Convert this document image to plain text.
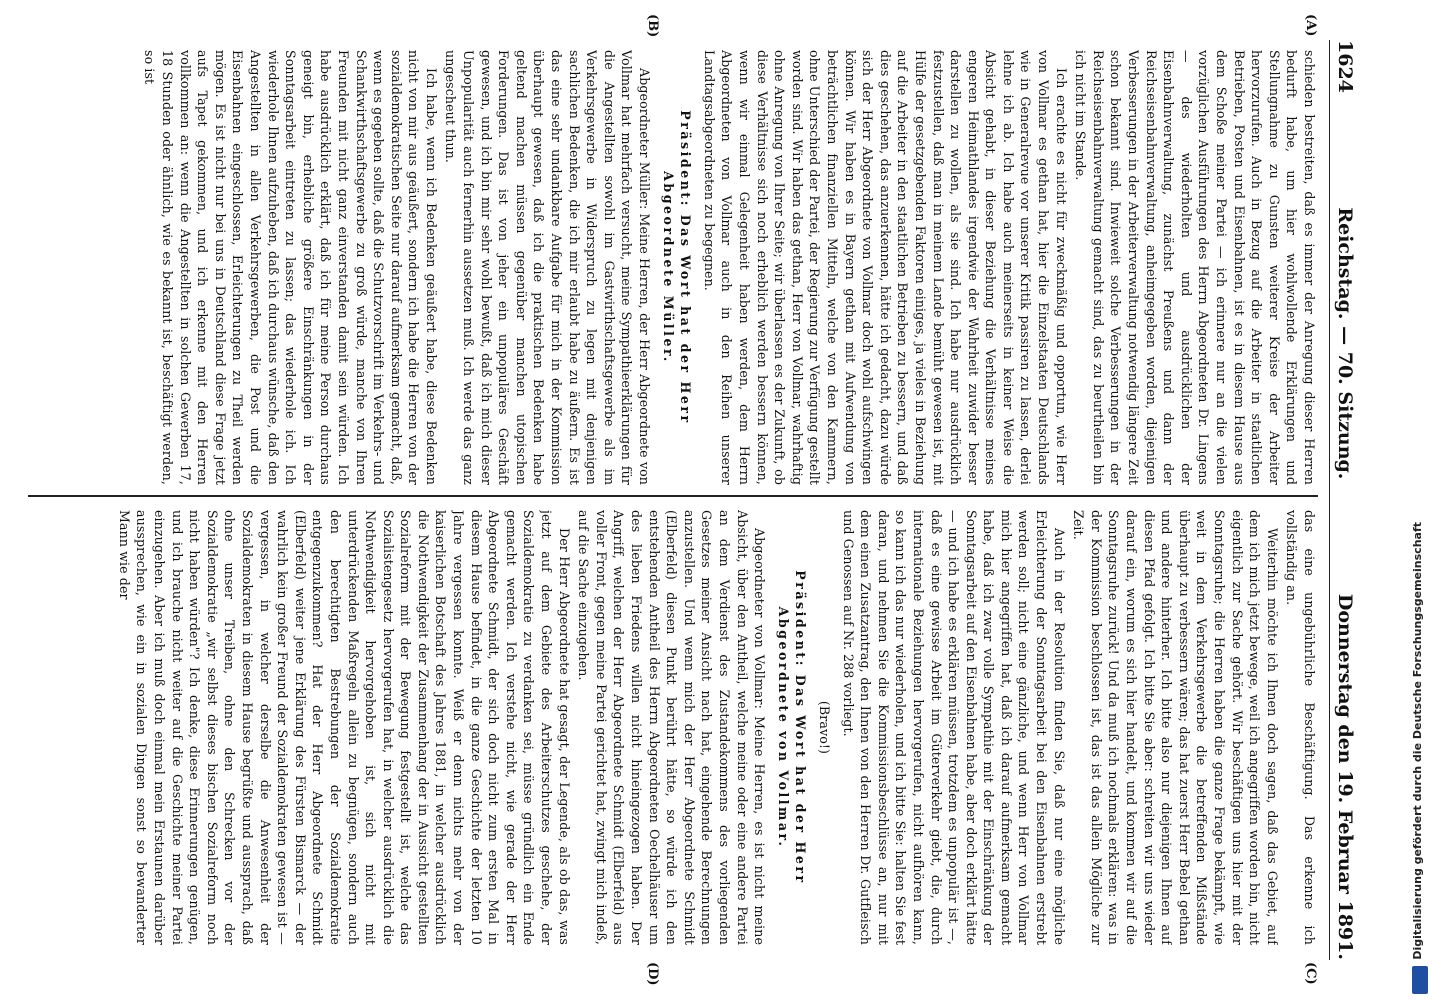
1624
Reichstag. — 70. Sitzung.
Donnerstag den 19. Februar 1891.
(A)
(B)
(C)
(D)

schieden bestreiten, daß es immer der Anregung dieser Herren bedurft habe, um hier wohlwollende Erklärungen und Stellungnahme zu Gunsten weiterer Kreise der Arbeiter hervorzurufen. Auch in Bezug auf die Arbeiter in staatlichen Betrieben, Posten und Eisenbahnen, ist es in diesem Hause aus dem Schoße meiner Partei — ich erinnere nur an die vielen vorzüglichen Ausführungen des Herrn Abgeordneten Dr. Lingens — des wiederholten und ausdrücklichen der Eisenbahnverwaltung, zunächst Preußens und dann der Reichseisenbahnverwaltung, anheimgegeben worden, diejenigen Verbesserungen in der Arbeiterverwaltung notwendig längere Zeit schon bekannt sind. Inwieweit solche Verbesserungen in der Reichseisenbahnverwaltung gemacht sind, das zu beurtheilen bin ich nicht im Stande.

Ich erachte es nicht für zweckmäßig und opportun, wie Herr von Vollmar es gethan hat, hier die Einzelstaaten Deutschlands wie in Generalrevue vor unserer Kritik passiren zu lassen, derlei lehne ich ab. Ich habe auch meinerseits in keiner Weise die Absicht gehabt, in dieser Beziehung die Verhältnisse meines engeren Heimathlandes irgendwie der Wahrheit zuwider besser darstellen zu wollen, als sie sind. Ich habe nur ausdrücklich festzustellen, daß man in meinem Lande bemüht gewesen ist, mit Hülfe der gesetzgebenden Faktoren einiges, ja vieles in Beziehung auf die Arbeiter in den staatlichen Betrieben zu bessern, und daß dies geschehen, das anzuerkennen, hätte ich gedacht, dazu würde sich der Herr Abgeordnete von Vollmar doch wohl aufschwingen können. Wir haben es in Bayern gethan mit Aufwendung von beträchtlichen finanziellen Mitteln, welche von den Kammern, ohne Unterschied der Partei, der Regierung zur Verfügung gestellt worden sind. Wir haben das gethan, Herr von Vollmar, wahrhaftig ohne Anregung von Ihrer Seite; wir überlassen es der Zukunft, ob diese Verhältnisse sich noch erheblich werden bessern können, wenn wir einmal Gelegenheit haben werden, dem Herrn Abgeordneten von Vollmar auch in den Reihen unserer Landtagsabgeordneten zu begegnen.

Präsident: Das Wort hat der Herr Abgeordnete Müller.

Abgeordneter Müller: Meine Herren, der Herr Abgeordnete von Vollmar hat mehrfach versucht, meine Sympathieerklärungen für die Angestellten sowohl im Gastwirthschaftsgewerbe als im Verkehrsgewerbe in Widerspruch zu legen mit denjenigen sachlichen Bedenken, die ich mir erlaubt habe zu äußern. Es ist das eine sehr undankbare Aufgabe für mich in der Kommission überhaupt gewesen, daß ich die praktischen Bedenken habe geltend machen müssen gegenüber manchen utopischen Forderungen. Das ist von jeher ein unpopuläres Geschäft gewesen, und ich bin mir sehr wohl bewußt, daß ich mich dieser Unpopularität auch fernerhin aussetzen muß. Ich werde das ganz ungescheut thun.

Ich habe, wenn ich Bedenken geäußert habe, diese Bedenken nicht von mir aus geäußert, sondern ich habe die Herren von der sozialdemokratischen Seite nur darauf aufmerksam gemacht, daß, wenn es gegeben sollte, daß die Schutzvorschrift im Verkehrs- und Schankwirthschaftsgewerbe zu groß würde, manche von Ihren Freunden mit nicht ganz einverstanden damit sein würden. Ich habe ausdrücklich erklärt, daß ich für meine Person durchaus geneigt bin, erhebliche größere Einschränkungen in der Sonntagsarbeit eintreten zu lassen; das wiederhole ich. Ich wiederhole Ihnen aufzuheben, daß ich durchaus wünsche, daß den Angestellten in allen Verkehrsgewerben, die Post und die Eisenbahnen eingeschlossen, Erleichterungen zu Theil werden mögen. Es ist nicht nur bei uns in Deutschland diese Frage jetzt aufs Tapet gekommen, und ich erkenne mit den Herren vollkommen an: wenn die Angestellten in solchen Gewerben 17, 18 Stunden oder ähnlich, wie es bekannt ist, beschäftigt werden, so ist

das eine ungebührliche Beschäftigung. Das erkenne ich vollständig an.

Weiterhin möchte ich Ihnen doch sagen, daß das Gebiet, auf dem ich mich jetzt bewege, weil ich angegriffen worden bin, nicht eigentlich zur Sache gehört. Wir beschäftigen uns hier mit der Sonntagsruhe; die Herren haben die ganze Frage bekämpft, wie weit in dem Verkehrsgewerbe die betreffenden Mißstände überhaupt zu verbessern wären; das hat zuerst Herr Bebel gethan und andere hinterher. Ich bitte also nur diejenigen Ihnen auf diesen Pfad gefolgt. Ich bitte Sie aber: schreiten wir uns wieder darauf ein, worum es sich hier handelt, und kommen wir auf die Sonntagsruhe zurück! Und da muß ich nochmals erklären: was in der Kommission beschlossen ist, das ist das allein Mögliche zur Zeit.

Auch in der Resolution finden Sie, daß nur eine mögliche Erleichterung der Sonntagsarbeit bei den Eisenbahnen erstrebt werden soll; nicht eine gänzliche, und wenn Herr von Vollmar mich hier angegriffen hat, daß ich darauf aufmerksam gemacht habe, daß ich zwar volle Sympathie mit der Einschränkung der Sonntagsarbeit auf den Eisenbahnen habe, aber doch erklärt hätte — und ich habe es erklären müssen, trotzdem es unpopulär ist —, daß es eine gewisse Arbeit im Güterverkehr giebt, die, durch internationale Beziehungen hervorgerufen, nicht aufhören kann, so kann ich das nur wiederholen, und ich bitte Sie: halten Sie fest daran, und nehmen Sie die Kommissionsbeschlüsse an, nur mit dem einen Zusatzantrag, den Ihnen von den Herren Dr. Gutfleisch und Genossen auf Nr. 288 vorliegt.

(Bravo!)

Präsident: Das Wort hat der Herr Abgeordnete von Vollmar.

Abgeordneter von Vollmar: Meine Herren, es ist nicht meine Absicht, über den Antheil, welche meine oder eine andere Partei an dem Verdienst des Zustandekommens des vorliegenden Gesetzes meiner Ansicht nach hat, eingehende Berechnungen anzustellen. Und wenn mich der Herr Abgeordnete Schmidt (Elberfeld) diesen Punkt berührt hätte, so würde ich den entstehenden Antheil des Herrn Abgeordneten Oechelhäuser um des lieben Friedens willen nicht hineingezogen haben. Der Angriff, welchen der Herr Abgeordnete Schmidt (Elberfeld) aus voller Front, gegen meine Partei gerichtet hat, zwingt mich indeß, auf die Sache einzugehen.

Der Herr Abgeordnete hat gesagt, der Legende, als ob das, was jetzt auf dem Gebiete des Arbeiterschutzes geschehe, der Sozialdemokratie zu verdanken sei, müsse gründlich ein Ende gemacht werden. Ich verstehe nicht, wie gerade der Herr Abgeordnete Schmidt, der sich doch nicht zum ersten Mal in diesem Hause befindet, in die ganze Geschichte der letzten 10 Jahre vergessen konnte. Weiß er denn nichts mehr von der kaiserlichen Botschaft des Jahres 1881, in welcher ausdrücklich die Nothwendigkeit der Zusammenhang der in Aussicht gestellten Sozialreform mit der Bewegung festgestellt ist, welche das Sozialistengesetz hervorgerufen hat, in welcher ausdrücklich die Nothwendigkeit hervorgehoben ist, sich nicht mit unterdrückenden Maßregeln allein zu begnügen, sondern auch den berechtigten Bestrebungen der Sozialdemokratie entgegenzukommen? Hat der Herr Abgeordnete Schmidt (Elberfeld) weiter jene Erklärung des Fürsten Bismarck — der wahrlich kein großer Freund der Sozialdemokraten gewesen ist — vergessen, in welcher derselbe die Anwesenheit der Sozialdemokraten in diesem Hause begrüßte und aussprach, daß ohne unser Treiben, ohne den Schrecken vor der Sozialdemokratie „wir selbst dieses bischen Sozialreform noch nicht haben würden"? Ich denke, diese Erinnerungen genügen, und ich brauche nicht weiter auf die Geschichte meiner Partei einzugehen. Aber ich muß doch einmal mein Erstaunen darüber aussprechen, wie ein in sozialen Dingen sonst so bewanderter Mann wie der	Digitalisierung gefördert durch die Deutsche Forschungsgemeinschaft
